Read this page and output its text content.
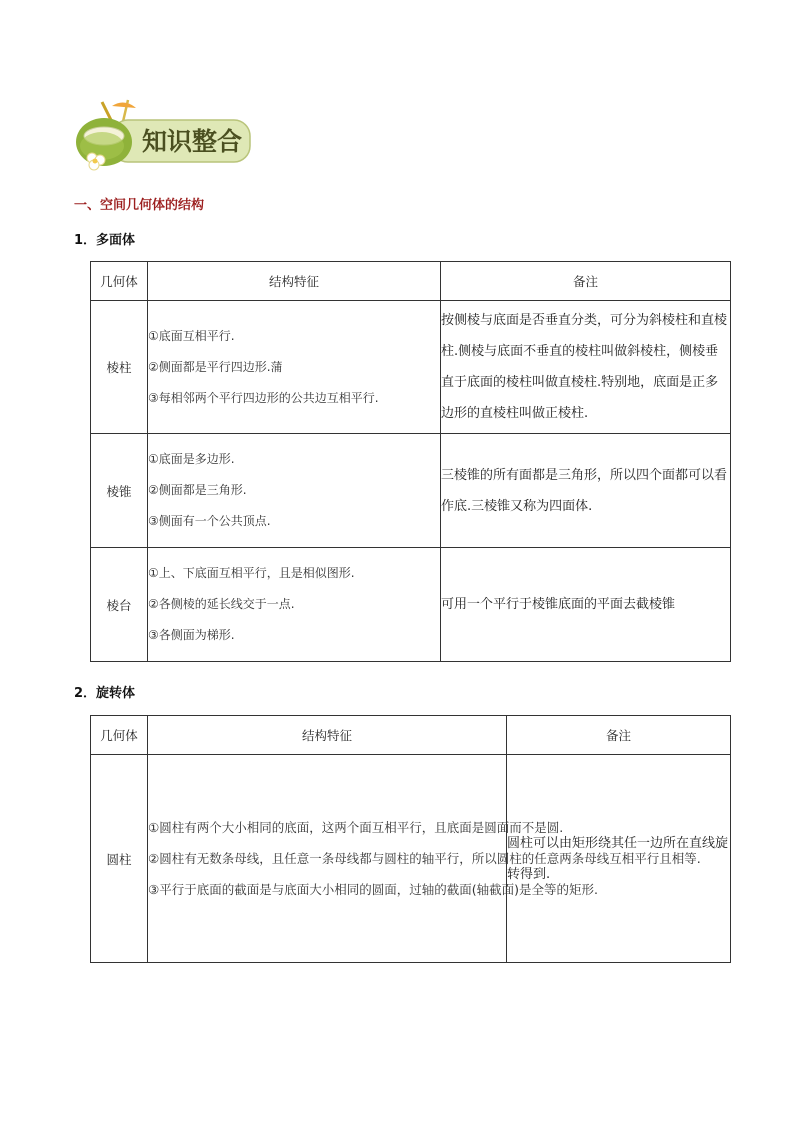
知识整合
一、空间几何体的结构
1．多面体
几何体	结构特征	备注
棱柱	①底面互相平行.
②侧面都是平行四边形.蒲
③每相邻两个平行四边形的公共边互相平行.	按侧棱与底面是否垂直分类，可分为斜棱柱和直棱柱.侧棱与底面不垂直的棱柱叫做斜棱柱，侧棱垂直于底面的棱柱叫做直棱柱.特别地，底面是正多边形的直棱柱叫做正棱柱.
棱锥	①底面是多边形.
②侧面都是三角形.
③侧面有一个公共顶点.	三棱锥的所有面都是三角形，所以四个面都可以看作底.三棱锥又称为四面体.
棱台	①上、下底面互相平行，且是相似图形.
②各侧棱的延长线交于一点.
③各侧面为梯形.	可用一个平行于棱锥底面的平面去截棱锥
2．旋转体
几何体	结构特征	备注
圆柱	①圆柱有两个大小相同的底面，这两个面互相平行，且底面是圆面而不是圆.
②圆柱有无数条母线，且任意一条母线都与圆柱的轴平行，所以圆柱的任意两条母线互相平行且相等.
③平行于底面的截面是与底面大小相同的圆面，过轴的截面(轴截面)是全等的矩形.	圆柱可以由矩形绕其任一边所在直线旋转得到.
